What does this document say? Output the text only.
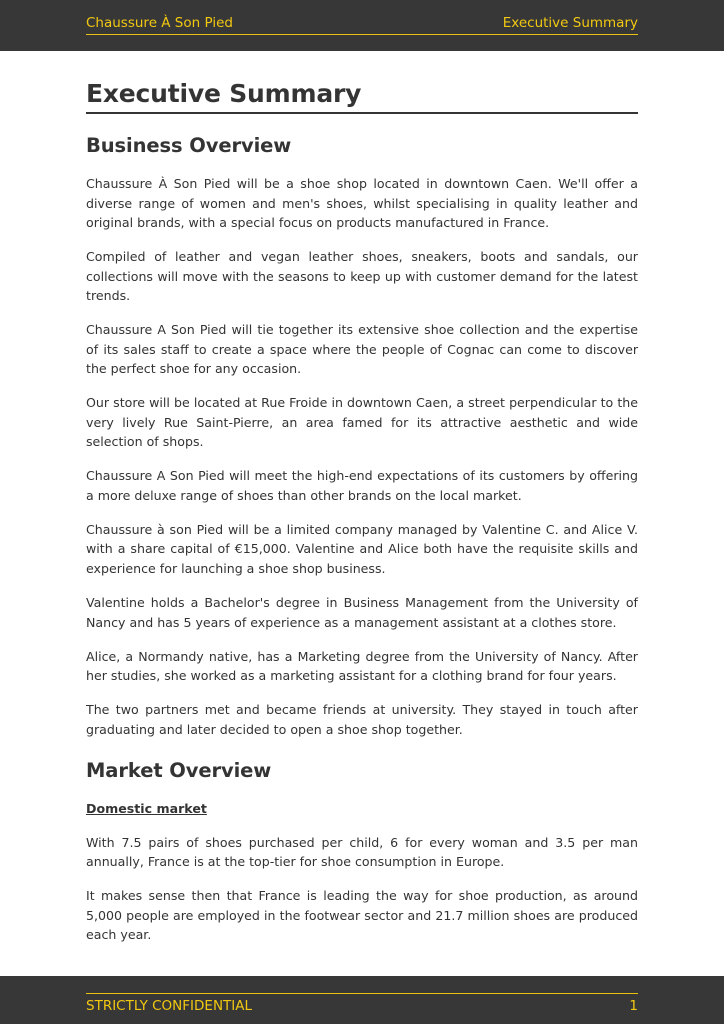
Chaussure À Son Pied	Executive Summary
Executive Summary
Business Overview

Chaussure À Son Pied will be a shoe shop located in downtown Caen. We'll offer a diverse range of women and men's shoes, whilst specialising in quality leather and original brands, with a special focus on products manufactured in France.

Compiled of leather and vegan leather shoes, sneakers, boots and sandals, our collections will move with the seasons to keep up with customer demand for the latest trends.

Chaussure A Son Pied will tie together its extensive shoe collection and the expertise of its sales staff to create a space where the people of Cognac can come to discover the perfect shoe for any occasion.

Our store will be located at Rue Froide in downtown Caen, a street perpendicular to the very lively Rue Saint-Pierre, an area famed for its attractive aesthetic and wide selection of shops.

Chaussure A Son Pied will meet the high-end expectations of its customers by offering a more deluxe range of shoes than other brands on the local market.

Chaussure à son Pied will be a limited company managed by Valentine C. and Alice V. with a share capital of €15,000. Valentine and Alice both have the requisite skills and experience for launching a shoe shop business.

Valentine holds a Bachelor's degree in Business Management from the University of Nancy and has 5 years of experience as a management assistant at a clothes store.

Alice, a Normandy native, has a Marketing degree from the University of Nancy. After her studies, she worked as a marketing assistant for a clothing brand for four years.

The two partners met and became friends at university. They stayed in touch after graduating and later decided to open a shoe shop together.

Market Overview
Domestic market

With 7.5 pairs of shoes purchased per child, 6 for every woman and 3.5 per man annually, France is at the top-tier for shoe consumption in Europe.

It makes sense then that France is leading the way for shoe production, as around 5,000 people are employed in the footwear sector and 21.7 million shoes are produced each year.

STRICTLY CONFIDENTIAL	1
